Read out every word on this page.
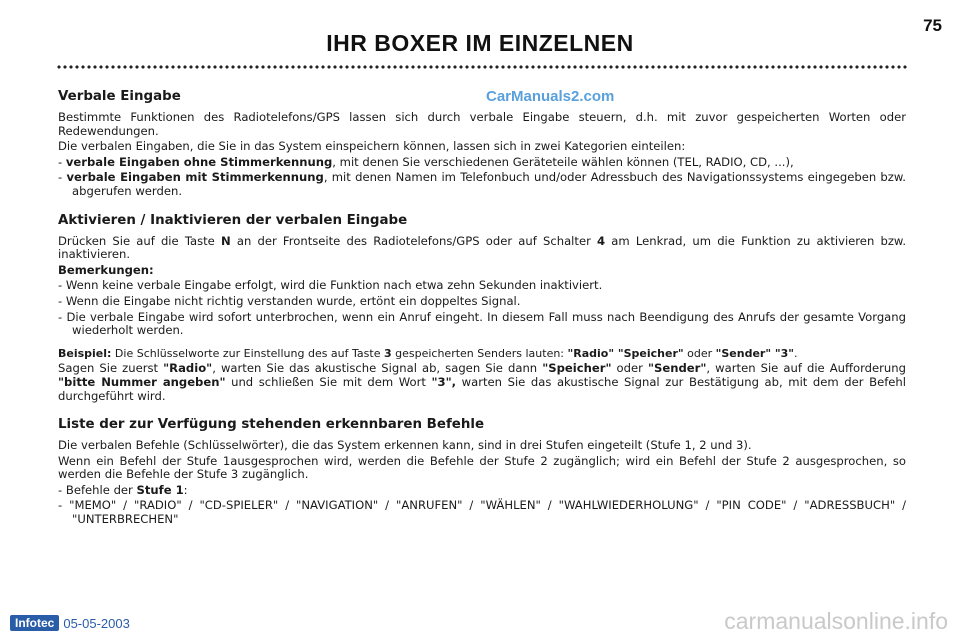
IHR BOXER IM EINZELNEN
75
CarManuals2.com
Verbale Eingabe

Bestimmte Funktionen des Radiotelefons/GPS lassen sich durch verbale Eingabe steuern, d.h. mit zuvor gespeicherten Worten oder Redewendungen.

Die verbalen Eingaben, die Sie in das System einspeichern können, lassen sich in zwei Kategorien einteilen:

- verbale Eingaben ohne Stimmerkennung, mit denen Sie verschiedenen Geräteteile wählen können (TEL, RADIO, CD, ...),

- verbale Eingaben mit Stimmerkennung, mit denen Namen im Telefonbuch und/oder Adressbuch des Navigationssystems eingegeben bzw. abgerufen werden.

Aktivieren / Inaktivieren der verbalen Eingabe

Drücken Sie auf die Taste N an der Frontseite des Radiotelefons/GPS oder auf Schalter 4 am Lenkrad, um die Funktion zu aktivieren bzw. inaktivieren.

Bemerkungen:

- Wenn keine verbale Eingabe erfolgt, wird die Funktion nach etwa zehn Sekunden inaktiviert.

- Wenn die Eingabe nicht richtig verstanden wurde, ertönt ein doppeltes Signal.

- Die verbale Eingabe wird sofort unterbrochen, wenn ein Anruf eingeht. In diesem Fall muss nach Beendigung des Anrufs der gesamte Vorgang wiederholt werden.

Beispiel: Die Schlüsselworte zur Einstellung des auf Taste 3 gespeicherten Senders lauten: "Radio" "Speicher" oder "Sender" "3".

Sagen Sie zuerst "Radio", warten Sie das akustische Signal ab, sagen Sie dann "Speicher" oder "Sender", warten Sie auf die Aufforderung "bitte Nummer angeben" und schließen Sie mit dem Wort "3", warten Sie das akustische Signal zur Bestätigung ab, mit dem der Befehl durchgeführt wird.

Liste der zur Verfügung stehenden erkennbaren Befehle

Die verbalen Befehle (Schlüsselwörter), die das System erkennen kann, sind in drei Stufen eingeteilt (Stufe 1, 2 und 3).

Wenn ein Befehl der Stufe 1ausgesprochen wird, werden die Befehle der Stufe 2 zugänglich; wird ein Befehl der Stufe 2 ausgesprochen, so werden die Befehle der Stufe 3 zugänglich.

- Befehle der Stufe 1:

- "MEMO" / "RADIO" / "CD-SPIELER" / "NAVIGATION" / "ANRUFEN" / "WÄHLEN" / "WAHLWIEDERHOLUNG" / "PIN CODE" / "ADRESSBUCH" / "UNTERBRECHEN"

Infotec 05-05-2003	carmanualsonline.info
